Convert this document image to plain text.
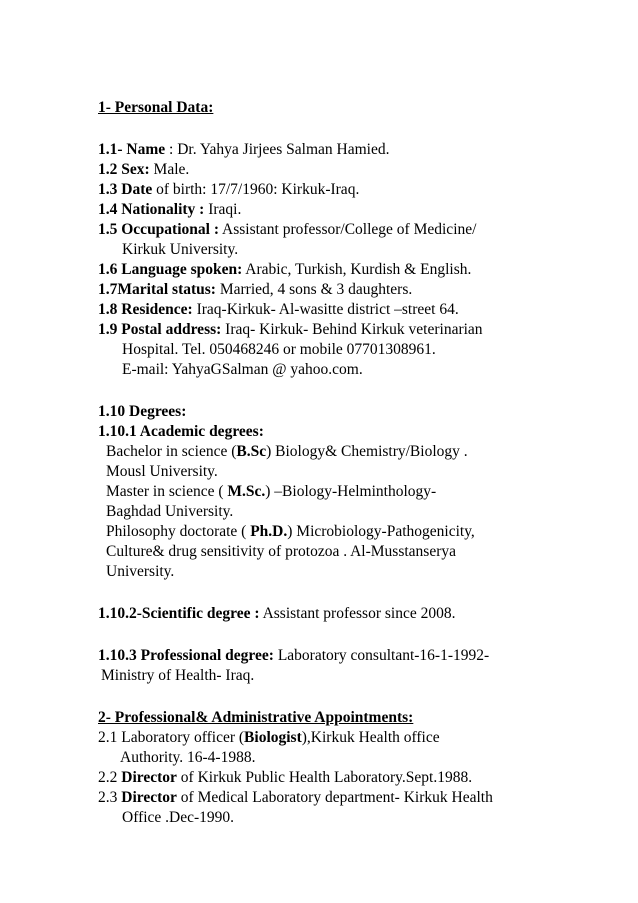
1- Personal Data:
1.1- Name : Dr. Yahya Jirjees Salman Hamied.
1.2 Sex: Male.
1.3 Date of birth: 17/7/1960: Kirkuk-Iraq.
1.4 Nationality : Iraqi.
1.5 Occupational : Assistant professor/College of Medicine/
Kirkuk University.
1.6 Language spoken: Arabic, Turkish, Kurdish & English.
1.7Marital status: Married, 4 sons & 3 daughters.
1.8 Residence: Iraq-Kirkuk- Al-wasitte district –street 64.
1.9 Postal address: Iraq- Kirkuk- Behind Kirkuk veterinarian
Hospital. Tel. 050468246 or mobile 07701308961.
E-mail: YahyaGSalman @ yahoo.com.
1.10 Degrees:
1.10.1 Academic degrees:
Bachelor in science (B.Sc) Biology& Chemistry/Biology .
Mousl University.
Master in science ( M.Sc.) –Biology-Helminthology-
Baghdad University.
Philosophy doctorate ( Ph.D.) Microbiology-Pathogenicity,
Culture& drug sensitivity of protozoa . Al-Musstanserya
University.
1.10.2-Scientific degree : Assistant professor since 2008.
1.10.3 Professional degree: Laboratory consultant-16-1-1992-
Ministry of Health- Iraq.
2- Professional& Administrative Appointments:
2.1 Laboratory officer (Biologist),Kirkuk Health office
Authority. 16-4-1988.
2.2 Director of Kirkuk Public Health Laboratory.Sept.1988.
2.3 Director of Medical Laboratory department- Kirkuk Health
Office .Dec-1990.
